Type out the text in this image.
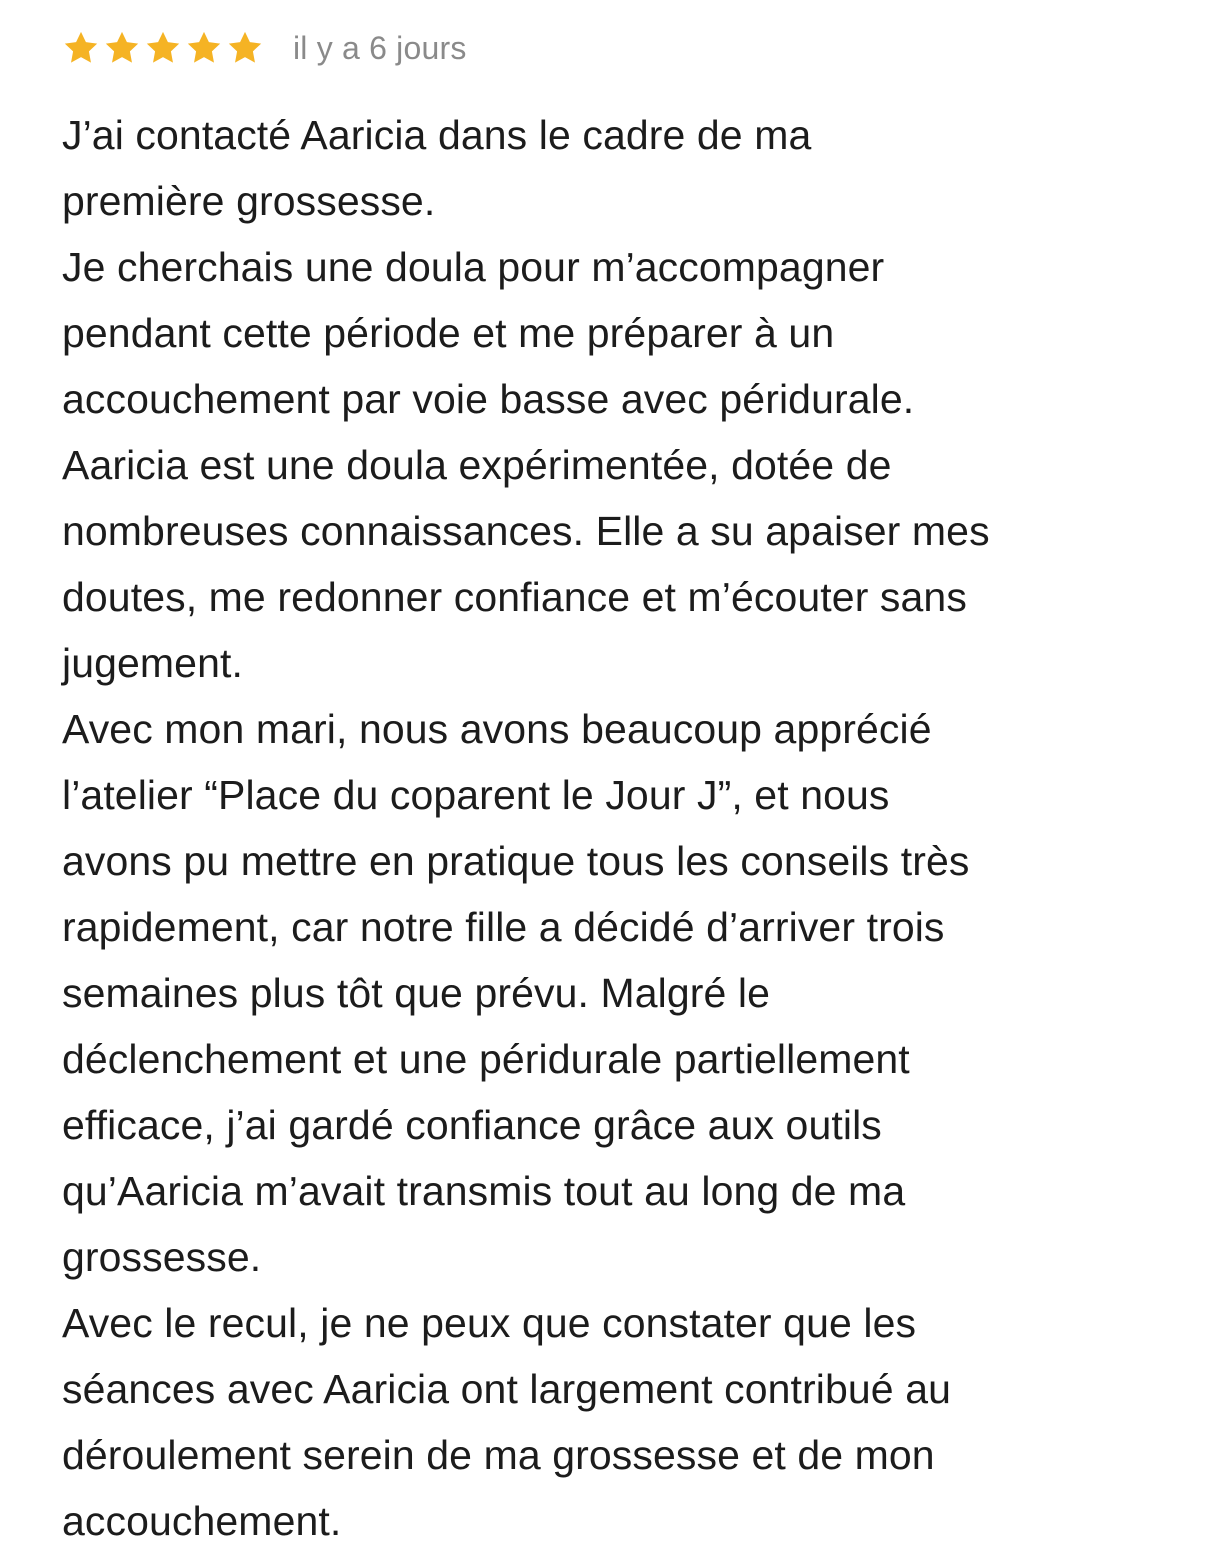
il y a 6 jours
J’ai contacté Aaricia dans le cadre de ma
première grossesse.
Je cherchais une doula pour m’accompagner
pendant cette période et me préparer à un
accouchement par voie basse avec péridurale.
Aaricia est une doula expérimentée, dotée de
nombreuses connaissances. Elle a su apaiser mes
doutes, me redonner confiance et m’écouter sans
jugement.
Avec mon mari, nous avons beaucoup apprécié
l’atelier “Place du coparent le Jour J”, et nous
avons pu mettre en pratique tous les conseils très
rapidement, car notre fille a décidé d’arriver trois
semaines plus tôt que prévu. Malgré le
déclenchement et une péridurale partiellement
efficace, j’ai gardé confiance grâce aux outils
qu’Aaricia m’avait transmis tout au long de ma
grossesse.
Avec le recul, je ne peux que constater que les
séances avec Aaricia ont largement contribué au
déroulement serein de ma grossesse et de mon
accouchement.
